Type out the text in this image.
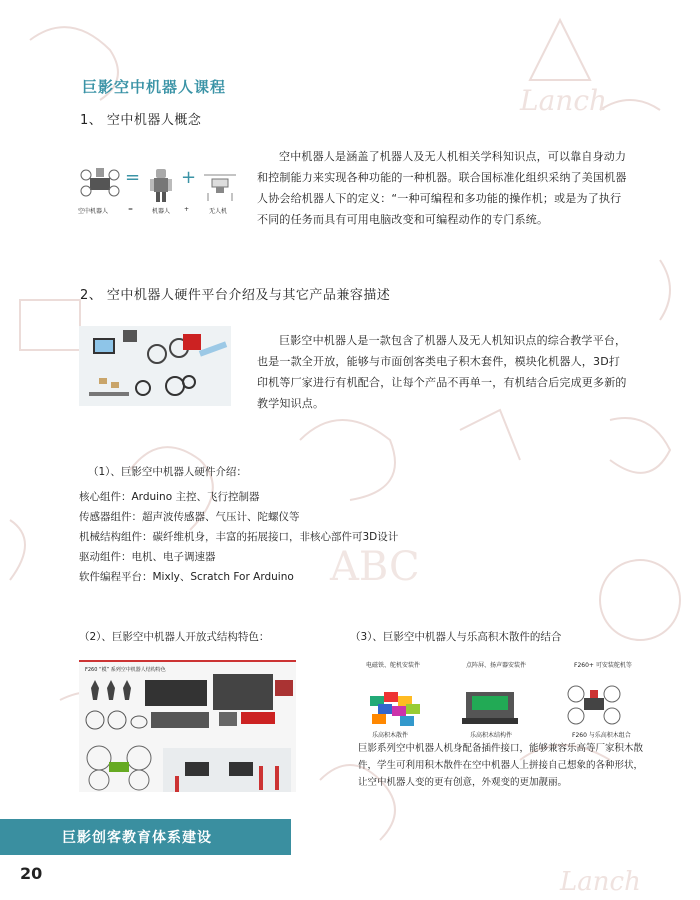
Lanch
Lanch
ABC
巨影空中机器人课程
1、 空中机器人概念
空中机器人
=
=	机器人
+
+	无人机
空中机器人是涵盖了机器人及无人机相关学科知识点，可以靠自身动力和控制能力来实现各种功能的一种机器。联合国标准化组织采纳了美国机器人协会给机器人下的定义：“一种可编程和多功能的操作机；或是为了执行不同的任务而具有可用电脑改变和可编程动作的专门系统。
2、 空中机器人硬件平台介绍及与其它产品兼容描述
巨影空中机器人是一款包含了机器人及无人机知识点的综合教学平台，也是一款全开放，能够与市面创客类电子积木套件，模块化机器人，3D打印机等厂家进行有机配合，让每个产品不再单一，有机结合后完成更多新的教学知识点。
（1）、巨影空中机器人硬件介绍：
核心组件：Arduino 主控、飞行控制器
传感器组件：超声波传感器、气压计、陀螺仪等
机械结构组件：碳纤维机身，丰富的拓展接口，非核心部件可3D设计
驱动组件：电机、电子调速器
软件编程平台：Mixly、Scratch For Arduino
（2）、巨影空中机器人开放式结构特色：	（3）、巨影空中机器人与乐高积木散件的结合
F260 “模” 系列空中机器人结构特色
电磁铁、舵机安装件	点阵屏、扬声器安装件	F260+ 可安装舵机等
乐高积木散件	乐高积木结构件	F260 与乐高积木组合
巨影系列空中机器人机身配备插件接口，能够兼容乐高等厂家积木散件，学生可利用积木散件在空中机器人上拼接自己想象的各种形状，让空中机器人变的更有创意，外观变的更加靓丽。
巨影创客教育体系建设
20
